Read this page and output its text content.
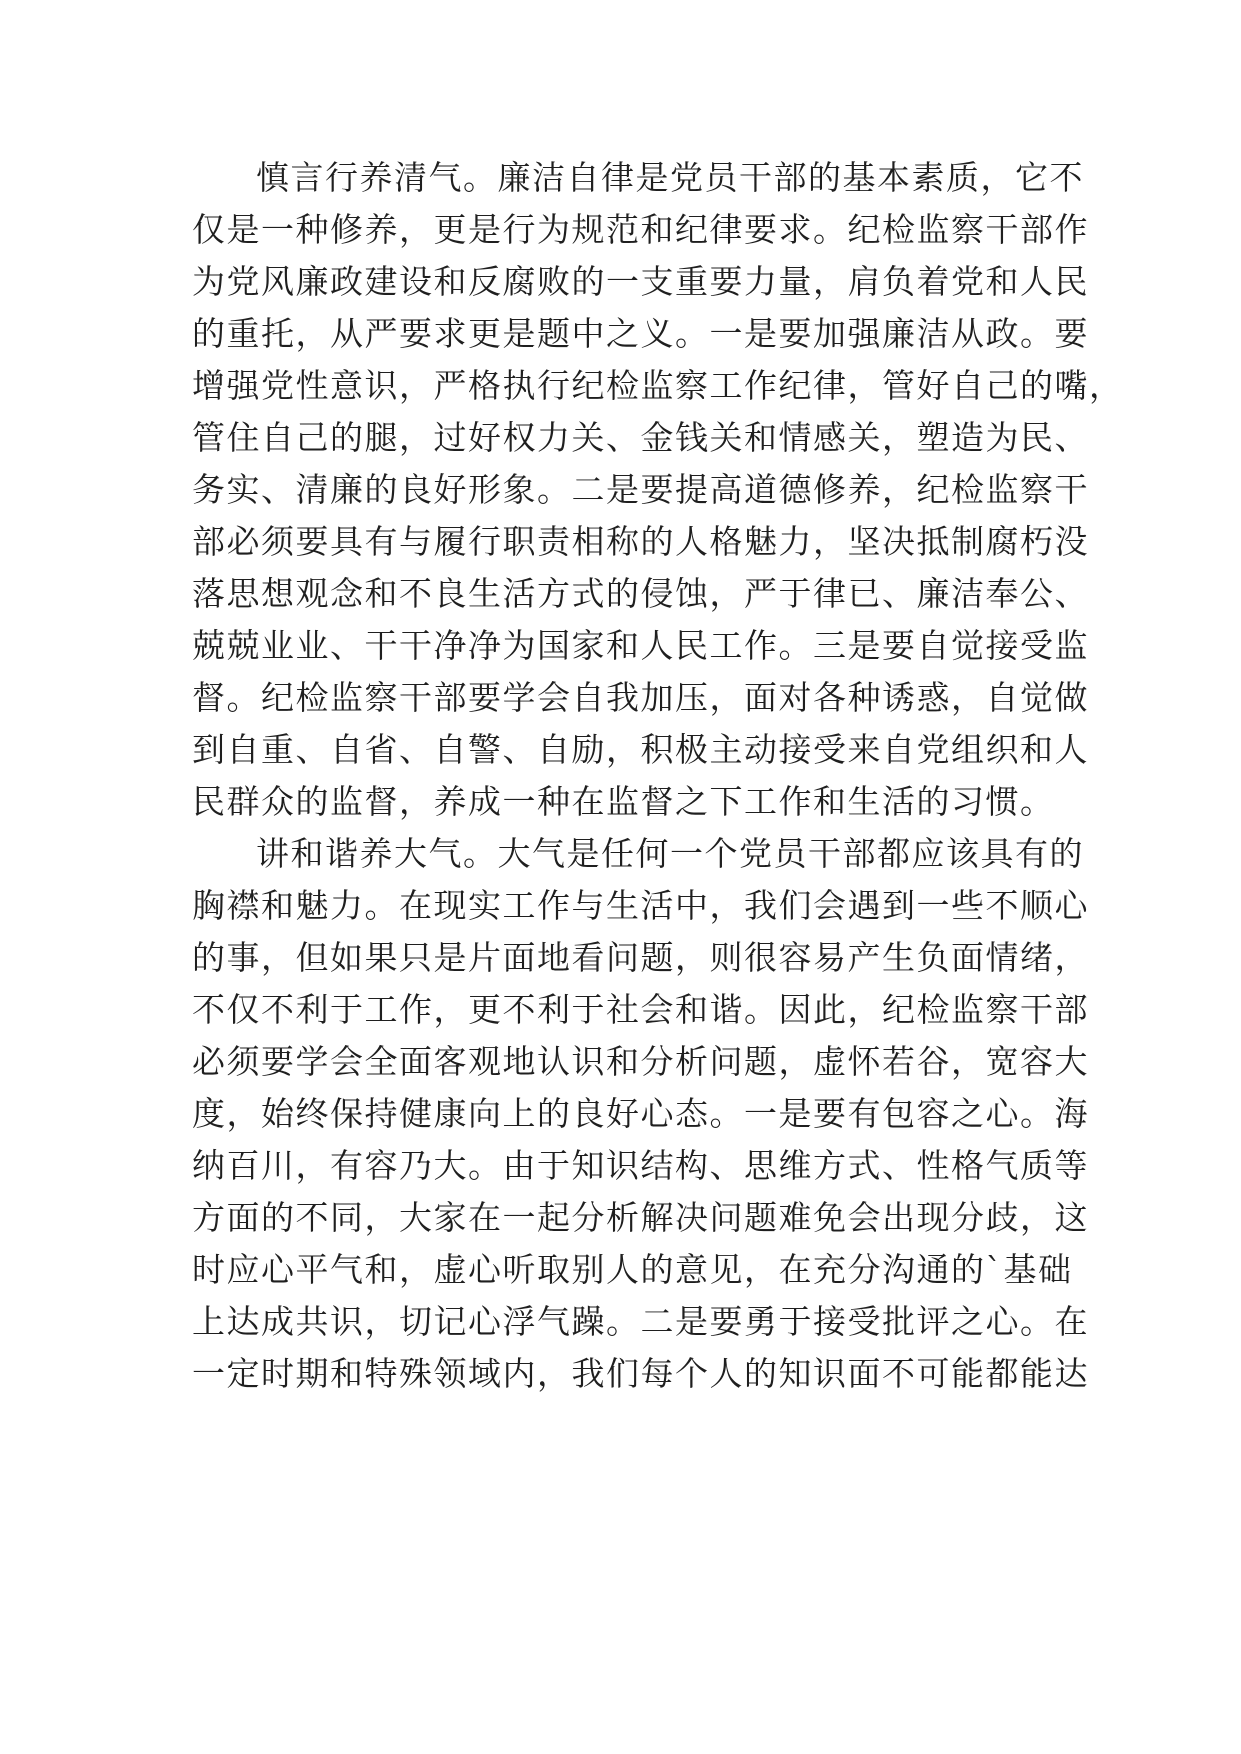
慎言行养清气。廉洁自律是党员干部的基本素质，它不
仅是一种修养，更是行为规范和纪律要求。纪检监察干部作
为党风廉政建设和反腐败的一支重要力量，肩负着党和人民
的重托，从严要求更是题中之义。一是要加强廉洁从政。要
增强党性意识，严格执行纪检监察工作纪律，管好自己的嘴，
管住自己的腿，过好权力关、金钱关和情感关，塑造为民、
务实、清廉的良好形象。二是要提高道德修养，纪检监察干
部必须要具有与履行职责相称的人格魅力，坚决抵制腐朽没
落思想观念和不良生活方式的侵蚀，严于律已、廉洁奉公、
兢兢业业、干干净净为国家和人民工作。三是要自觉接受监
督。纪检监察干部要学会自我加压，面对各种诱惑，自觉做
到自重、自省、自警、自励，积极主动接受来自党组织和人
民群众的监督，养成一种在监督之下工作和生活的习惯。
讲和谐养大气。大气是任何一个党员干部都应该具有的
胸襟和魅力。在现实工作与生活中，我们会遇到一些不顺心
的事，但如果只是片面地看问题，则很容易产生负面情绪，
不仅不利于工作，更不利于社会和谐。因此，纪检监察干部
必须要学会全面客观地认识和分析问题，虚怀若谷，宽容大
度，始终保持健康向上的良好心态。一是要有包容之心。海
纳百川，有容乃大。由于知识结构、思维方式、性格气质等
方面的不同，大家在一起分析解决问题难免会出现分歧，这
时应心平气和，虚心听取别人的意见，在充分沟通的`基础
上达成共识，切记心浮气躁。二是要勇于接受批评之心。在
一定时期和特殊领域内，我们每个人的知识面不可能都能达
